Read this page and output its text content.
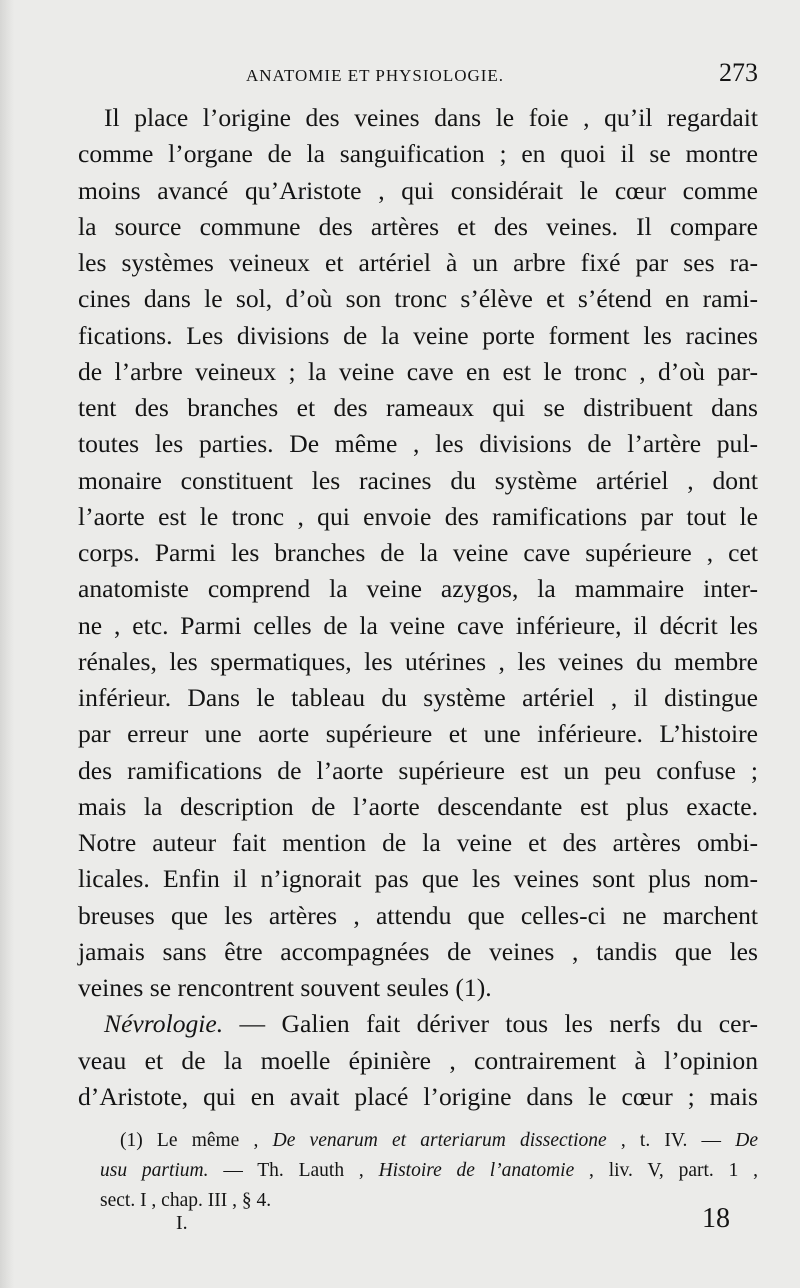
ANATOMIE ET PHYSIOLOGIE.	273
Il place l’origine des veines dans le foie , qu’il regardait
comme l’organe de la sanguification ; en quoi il se montre
moins avancé qu’Aristote , qui considérait le cœur comme
la source commune des artères et des veines. Il compare
les systèmes veineux et artériel à un arbre fixé par ses ra-
cines dans le sol, d’où son tronc s’élève et s’étend en rami-
fications. Les divisions de la veine porte forment les racines
de l’arbre veineux ; la veine cave en est le tronc , d’où par-
tent des branches et des rameaux qui se distribuent dans
toutes les parties. De même , les divisions de l’artère pul-
monaire constituent les racines du système artériel , dont
l’aorte est le tronc , qui envoie des ramifications par tout le
corps. Parmi les branches de la veine cave supérieure , cet
anatomiste comprend la veine azygos, la mammaire inter-
ne , etc. Parmi celles de la veine cave inférieure, il décrit les
rénales, les spermatiques, les utérines , les veines du membre
inférieur. Dans le tableau du système artériel , il distingue
par erreur une aorte supérieure et une inférieure. L’histoire
des ramifications de l’aorte supérieure est un peu confuse ;
mais la description de l’aorte descendante est plus exacte.
Notre auteur fait mention de la veine et des artères ombi-
licales. Enfin il n’ignorait pas que les veines sont plus nom-
breuses que les artères , attendu que celles-ci ne marchent
jamais sans être accompagnées de veines , tandis que les
veines se rencontrent souvent seules (1).
Névrologie. — Galien fait dériver tous les nerfs du cer-
veau et de la moelle épinière , contrairement à l’opinion
d’Aristote, qui en avait placé l’origine dans le cœur ; mais
(1) Le même , De venarum et arteriarum dissectione , t. IV. — De
usu partium. — Th. Lauth , Histoire de l’anatomie , liv. V, part. 1 ,
sect. I , chap. III , § 4.
I.	18
